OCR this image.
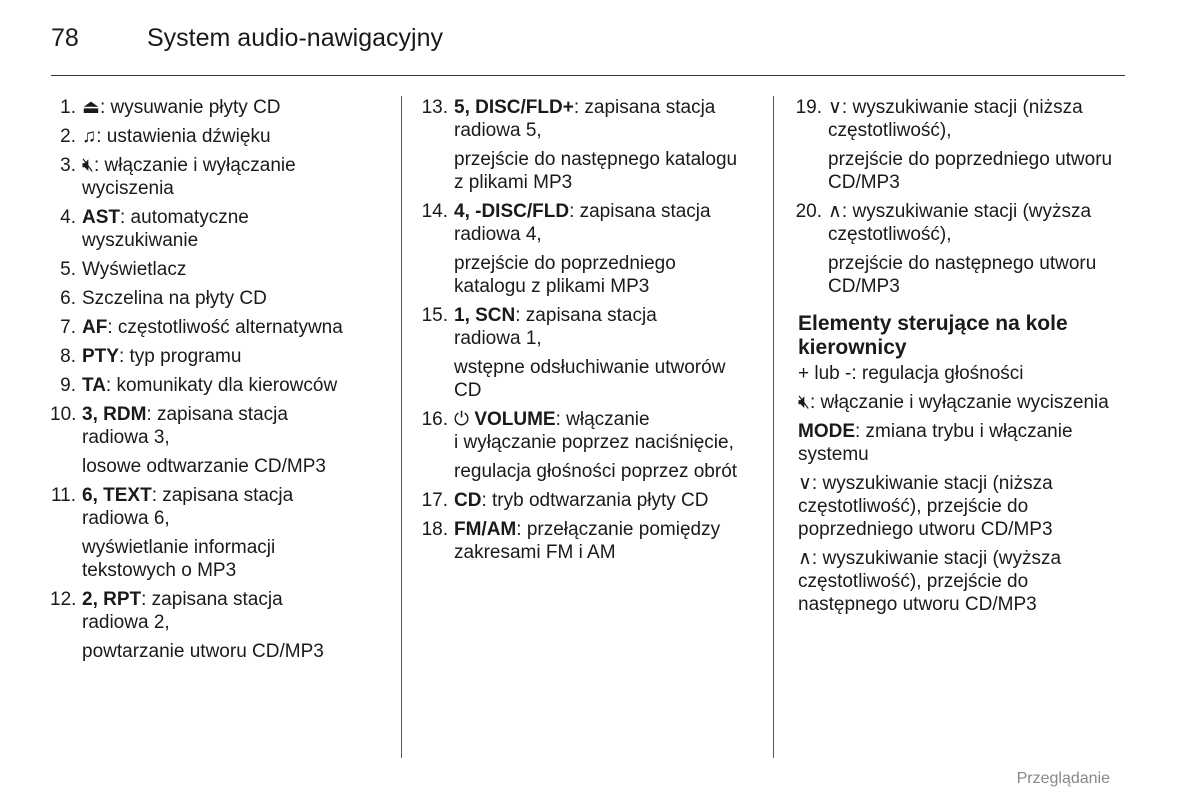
78	System audio-nawigacyjny
1. ⏏: wysuwanie płyty CD
2. ♫: ustawienia dźwięku
3. 🔇︎: włączanie i wyłączanie
wyciszenia
4. AST: automatyczne
wyszukiwanie
5. Wyświetlacz
6. Szczelina na płyty CD
7. AF: częstotliwość alternatywna
8. PTY: typ programu
9. TA: komunikaty dla kierowców
10. 3, RDM: zapisana stacja
radiowa 3,
losowe odtwarzanie CD/MP3
11. 6, TEXT: zapisana stacja
radiowa 6,
wyświetlanie informacji
tekstowych o MP3
12. 2, RPT: zapisana stacja
radiowa 2,
powtarzanie utworu CD/MP3
13. 5, DISC/FLD+: zapisana stacja
radiowa 5,
przejście do następnego katalogu
z plikami MP3
14. 4, -DISC/FLD: zapisana stacja
radiowa 4,
przejście do poprzedniego
katalogu z plikami MP3
15. 1, SCN: zapisana stacja
radiowa 1,
wstępne odsłuchiwanie utworów
CD
16. ⏻ VOLUME: włączanie
i wyłączanie poprzez naciśnięcie,
regulacja głośności poprzez obrót
17. CD: tryb odtwarzania płyty CD
18. FM/AM: przełączanie pomiędzy
zakresami FM i AM
19. ∨: wyszukiwanie stacji (niższa
częstotliwość),
przejście do poprzedniego utworu
CD/MP3
20. ∧: wyszukiwanie stacji (wyższa
częstotliwość),
przejście do następnego utworu
CD/MP3
Elementy sterujące na kole
kierownicy
+ lub -: regulacja głośności
🔇︎: włączanie i wyłączanie wyciszenia
MODE: zmiana trybu i włączanie
systemu
∨: wyszukiwanie stacji (niższa
częstotliwość), przejście do
poprzedniego utworu CD/MP3
∧: wyszukiwanie stacji (wyższa
częstotliwość), przejście do
następnego utworu CD/MP3
Przeglądanie
